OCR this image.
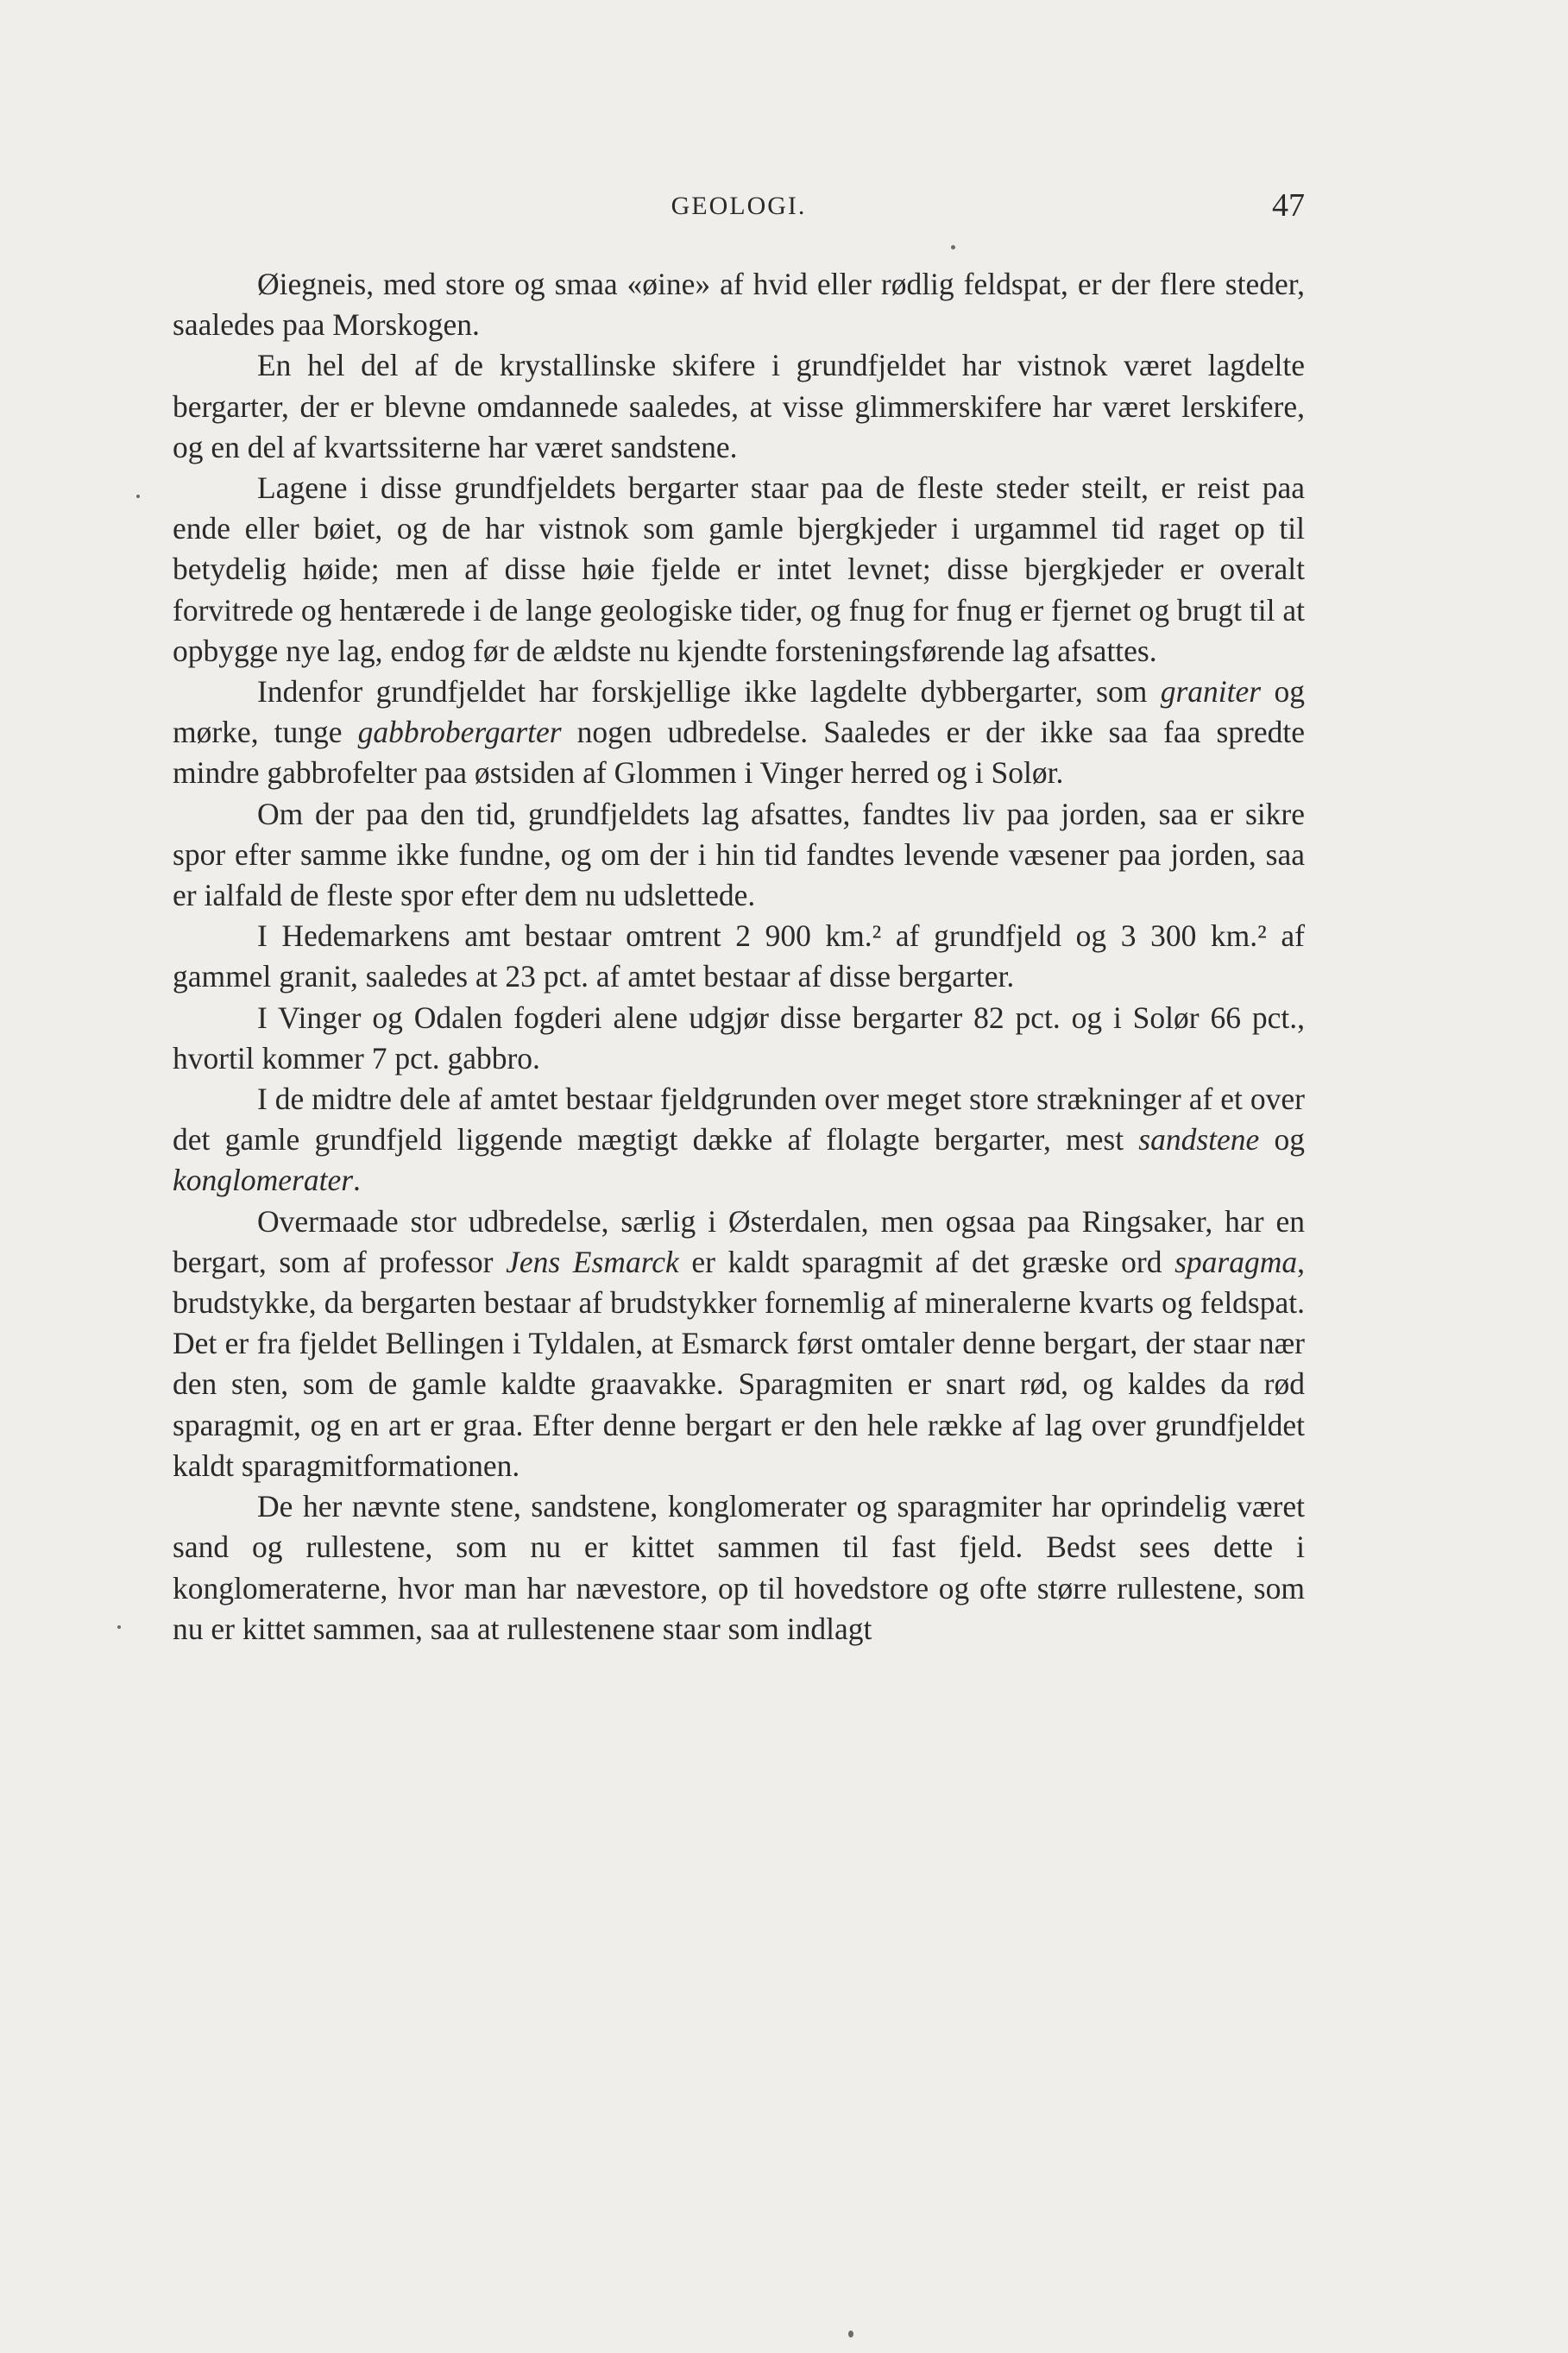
GEOLOGI.	47

Øiegneis, med store og smaa «øine» af hvid eller rødlig feldspat, er der flere steder, saaledes paa Morskogen.

En hel del af de krystallinske skifere i grundfjeldet har vistnok været lagdelte bergarter, der er blevne omdannede saaledes, at visse glimmerskifere har været lerskifere, og en del af kvartssiterne har været sandstene.

Lagene i disse grundfjeldets bergarter staar paa de fleste steder steilt, er reist paa ende eller bøiet, og de har vistnok som gamle bjergkjeder i urgammel tid raget op til betydelig høide; men af disse høie fjelde er intet levnet; disse bjergkjeder er overalt forvitrede og hentærede i de lange geologiske tider, og fnug for fnug er fjernet og brugt til at opbygge nye lag, endog før de ældste nu kjendte forsteningsførende lag afsattes.

Indenfor grundfjeldet har forskjellige ikke lagdelte dybbergarter, som graniter og mørke, tunge gabbrobergarter nogen udbredelse. Saaledes er der ikke saa faa spredte mindre gabbrofelter paa østsiden af Glommen i Vinger herred og i Solør.

Om der paa den tid, grundfjeldets lag afsattes, fandtes liv paa jorden, saa er sikre spor efter samme ikke fundne, og om der i hin tid fandtes levende væsener paa jorden, saa er ialfald de fleste spor efter dem nu udslettede.

I Hedemarkens amt bestaar omtrent 2 900 km.² af grundfjeld og 3 300 km.² af gammel granit, saaledes at 23 pct. af amtet bestaar af disse bergarter.

I Vinger og Odalen fogderi alene udgjør disse bergarter 82 pct. og i Solør 66 pct., hvortil kommer 7 pct. gabbro.

I de midtre dele af amtet bestaar fjeldgrunden over meget store strækninger af et over det gamle grundfjeld liggende mægtigt dække af flolagte bergarter, mest sandstene og konglomerater.

Overmaade stor udbredelse, særlig i Østerdalen, men ogsaa paa Ringsaker, har en bergart, som af professor Jens Esmarck er kaldt sparagmit af det græske ord sparagma, brudstykke, da bergarten bestaar af brudstykker fornemlig af mineralerne kvarts og feldspat. Det er fra fjeldet Bellingen i Tyldalen, at Esmarck først omtaler denne bergart, der staar nær den sten, som de gamle kaldte graavakke. Sparagmiten er snart rød, og kaldes da rød sparagmit, og en art er graa. Efter denne bergart er den hele række af lag over grundfjeldet kaldt sparagmitformationen.

De her nævnte stene, sandstene, konglomerater og sparagmiter har oprindelig været sand og rullestene, som nu er kittet sammen til fast fjeld. Bedst sees dette i konglomeraterne, hvor man har nævestore, op til hovedstore og ofte større rullestene, som nu er kittet sammen, saa at rullestenene staar som indlagt
